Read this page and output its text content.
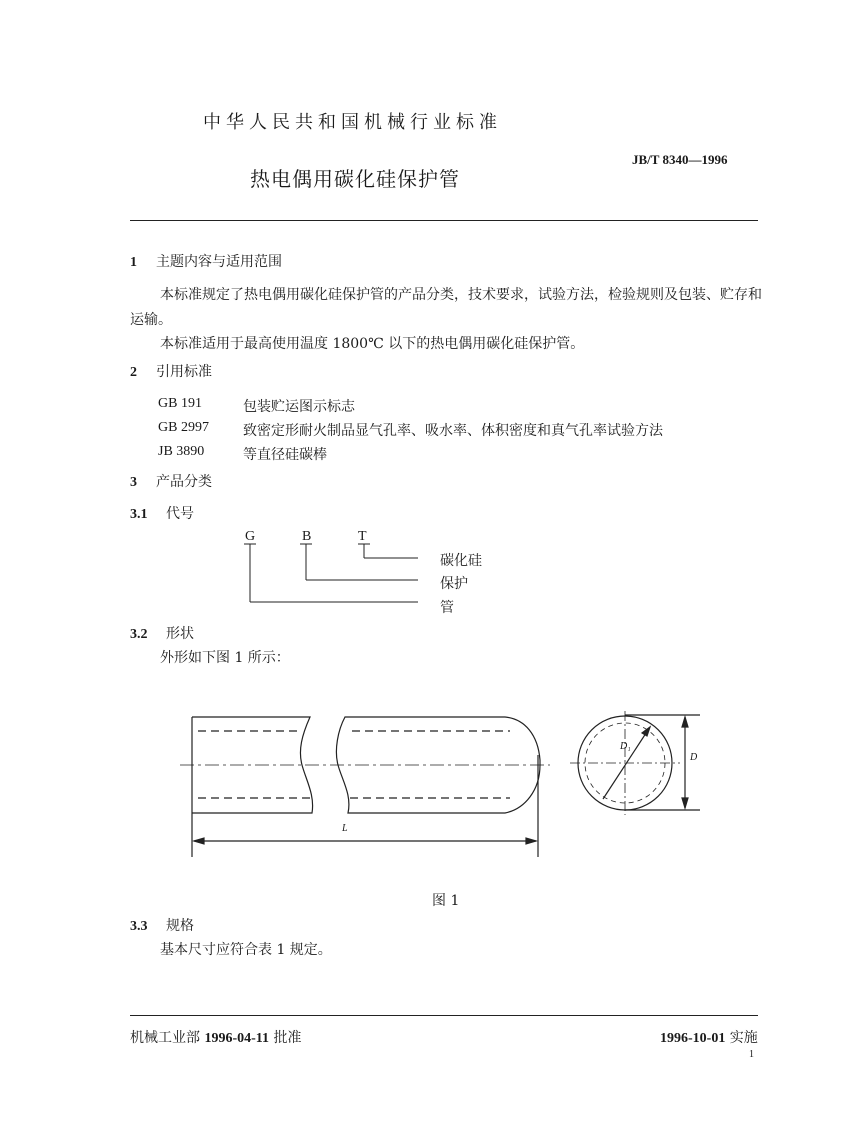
中华人民共和国机械行业标准
热电偶用碳化硅保护管
JB/T 8340—1996
1 主题内容与适用范围
本标准规定了热电偶用碳化硅保护管的产品分类，技术要求，试验方法，检验规则及包装、贮存和
运输。
本标准适用于最高使用温度 1800℃ 以下的热电偶用碳化硅保护管。
2 引用标准
GB 191	包装贮运图示标志
GB 2997 致密定形耐火制品显气孔率、吸水率、体积密度和真气孔率试验方法
JB 3890	等直径硅碳棒
3 产品分类
3.1 代号
G	B	T
碳化硅
保护
管
3.2 形状
外形如下图 1 所示：
L
D
D₁
图 1
3.3 规格
基本尺寸应符合表 1 规定。
机械工业部 1996-04-11 批准	1996-10-01 实施
1
